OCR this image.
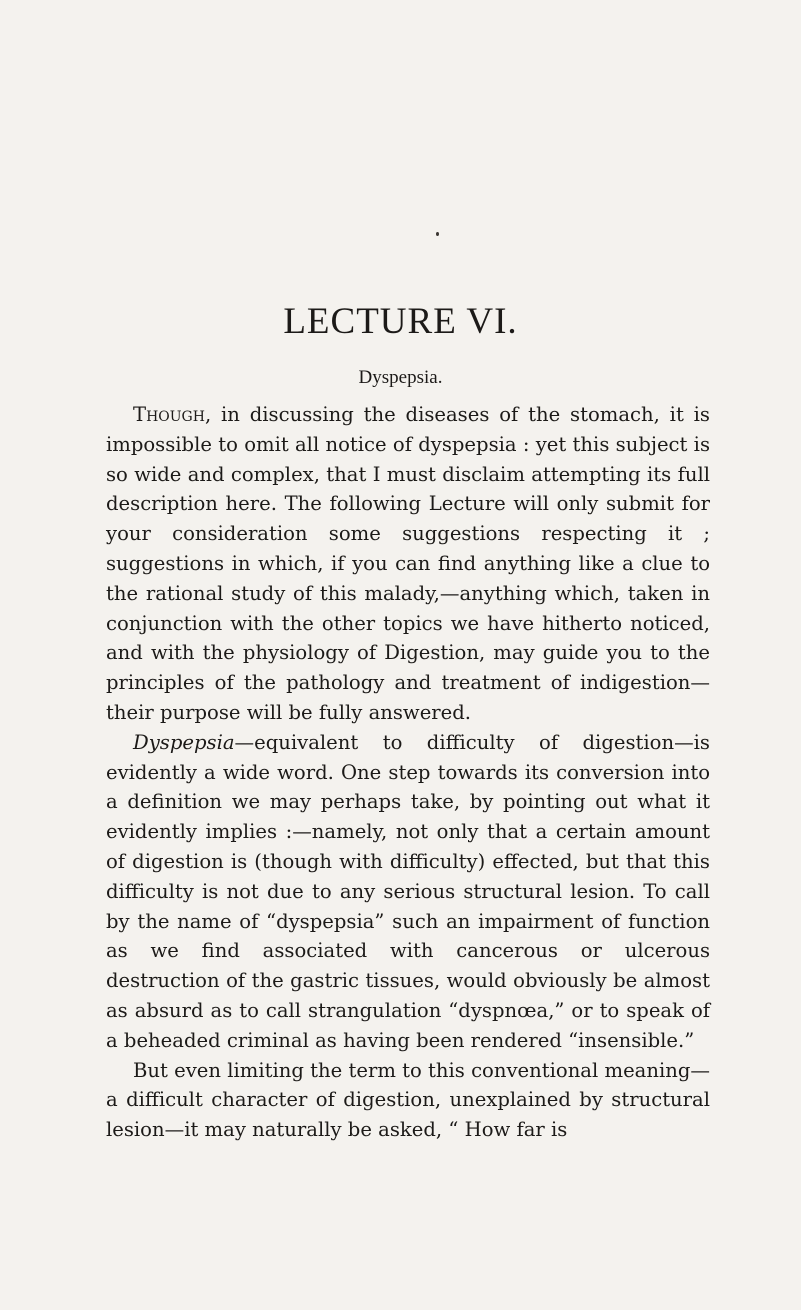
LECTURE VI.
Dyspepsia.

Though, in discussing the diseases of the stomach, it is impossible to omit all notice of dyspepsia : yet this subject is so wide and complex, that I must disclaim attempting its full description here. The following Lecture will only submit for your consideration some suggestions respecting it ; suggestions in which, if you can find anything like a clue to the rational study of this malady,—anything which, taken in conjunction with the other topics we have hitherto noticed, and with the physiology of Digestion, may guide you to the principles of the pathology and treatment of indigestion—their purpose will be fully answered.

Dyspepsia—equivalent to difficulty of digestion—is evidently a wide word. One step towards its conversion into a definition we may perhaps take, by pointing out what it evidently implies :—namely, not only that a certain amount of digestion is (though with difficulty) effected, but that this difficulty is not due to any serious structural lesion. To call by the name of “dyspepsia” such an impairment of function as we find associated with cancerous or ulcerous destruction of the gastric tissues, would obviously be almost as absurd as to call strangulation “dyspnœa,” or to speak of a beheaded criminal as having been rendered “insensible.”

But even limiting the term to this conventional meaning—a difficult character of digestion, unexplained by structural lesion—it may naturally be asked, “ How far is
